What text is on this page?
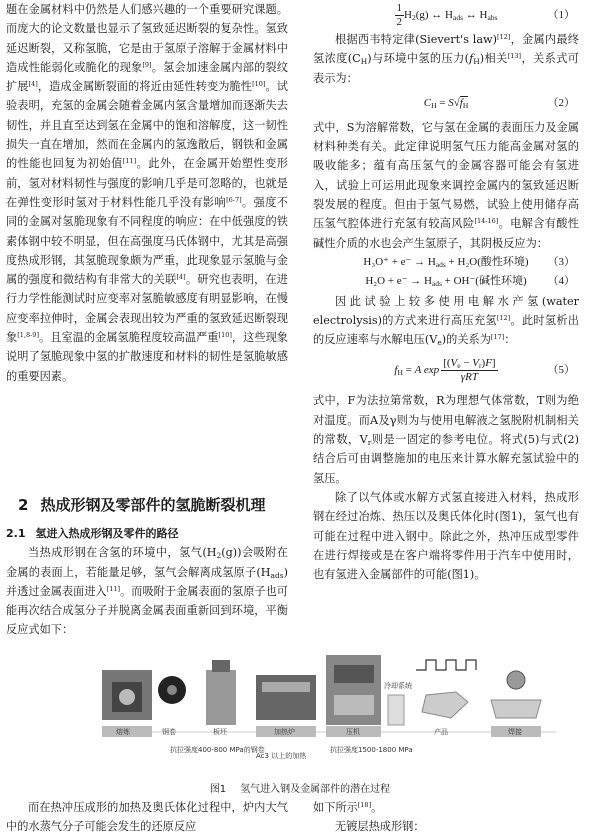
题在金属材料中仍然是人们感兴趣的一个重要研究课题。而庞大的论文数量也显示了氢致延迟断裂的复杂性。氢致延迟断裂，又称氢脆，它是由于氢原子溶解于金属材料中造成性能弱化或脆化的现象[9]。氢会加速金属内部的裂纹扩展[4]，造成金属断裂面的将近由延性转变为脆性[10]。试验表明，充氢的金属会随着金属内氢含量增加而逐渐失去韧性，并且直至达到氢在金属中的饱和溶解度，这一韧性损失一直在增加，然而在金属内的氢逸散后，钢铁和金属的性能也回复为初始值[11]。此外，在金属开始塑性变形前，氢对材料韧性与强度的影响几乎是可忽略的，也就是在弹性变形时氢对于材料性能几乎没有影响[6-7]。强度不同的金属对氢脆现象有不同程度的响应：在中低强度的铁素体钢中较不明显，但在高强度马氏体钢中，尤其是高强度热成形钢，其氢脆现象颇为严重，此现象显示氢脆与金属的强度和微结构有非常大的关联[4]。研究也表明，在进行力学性能测试时应变率对氢脆敏感度有明显影响，在慢应变率拉伸时，金属会表现出较为严重的氢致延迟断裂现象[1,8-9]。且室温的金属氢脆程度较高温严重[10]，这些现象说明了氢脆现象中氢的扩散速度和材料的韧性是氢脆敏感的重要因素。

2 热成形钢及零部件的氢脆断裂机理
2.1 氢进入热成形钢及零件的路径

当热成形钢在含氢的环境中，氢气$(H_2(g))$会吸附在金属的表面上，若能量足够，氢气会解离成氢原子$(H_{ads})$并透过金属表面进入[11]。而吸附于金属表面的氢原子也可能再次结合成氢分子并脱离金属表面重新回到环境，平衡反应式如下：

$\frac{1}{2} H_2(g)$ ↔ $H_{ads}$ ↔ $H_{abs}$	（1）

根据西韦特定律(Sievert's law)[12]，金属内最终氢浓度$(C_H)$与环境中氢的压力$(f_H)$相关[13]，关系式可表示为：

$C_H = S√f_H$	（2）

式中，S为溶解常数，它与氢在金属的表面压力及金属材料种类有关。此定律说明氢气压力能高金属对氢的吸收能多；蕴有高压氢气的金属容器可能会有氢进入，试验上可运用此现象来调控金属内的氢致延迟断裂发展的程度。但由于氢气易燃，试验上使用储存高压氢气腔体进行充氢有较高风险[14-16]。电解含有酸性碱性介质的水也会产生氢原子，其阴极反应为：

$H_3O^+ + e^- \to H_{ads} + H_2O$(酸性环境) （3）
$H_2O + e^- \to H_{ads} + OH^-$(碱性环境) （4）

因此试验上较多使用电解水产氢(water electrolysis)的方式来进行高压充氢[12]。此时氢析出的反应速率与水解电压$(V_e)$的关系为[17]：

$f_H = A$ $\exp \frac{[(V_e - V_r)F]}{\text{γRT}}$	（5）

式中，F为法拉第常数，R为理想气体常数，T则为绝对温度。而A及γ则为与使用电解液之氢脱附机制相关的常数，$V_r$则是一固定的参考电位。将式(5)与式(2)结合后可由调整施加的电压来计算水解充氢试验中的氢压。

除了以气体或水解方式氢直接进入材料，热成形钢在经过冶炼、热压以及奥氏体化时(图1)，氢气也有可能在过程中进入钢中。除此之外，热冲压成型零件在进行焊接或是在客户端将零件用于汽车中使用时，也有氢进入金属部件的可能(图1)。

熔炼	钢卷	板坯	加热炉	压机
冷却系统
产品	焊接
抗拉强度400-800 MPa的钢卷
Ac3 以上的加热
抗拉强度1500-1800 MPa
图1 氢气进入钢及金属部件的潜在过程

而在热冲压成形的加热及奥氏体化过程中，炉内大气中的水蒸气分子可能会发生的还原反应

如下所示[18]。
无镀层热成形钢：
